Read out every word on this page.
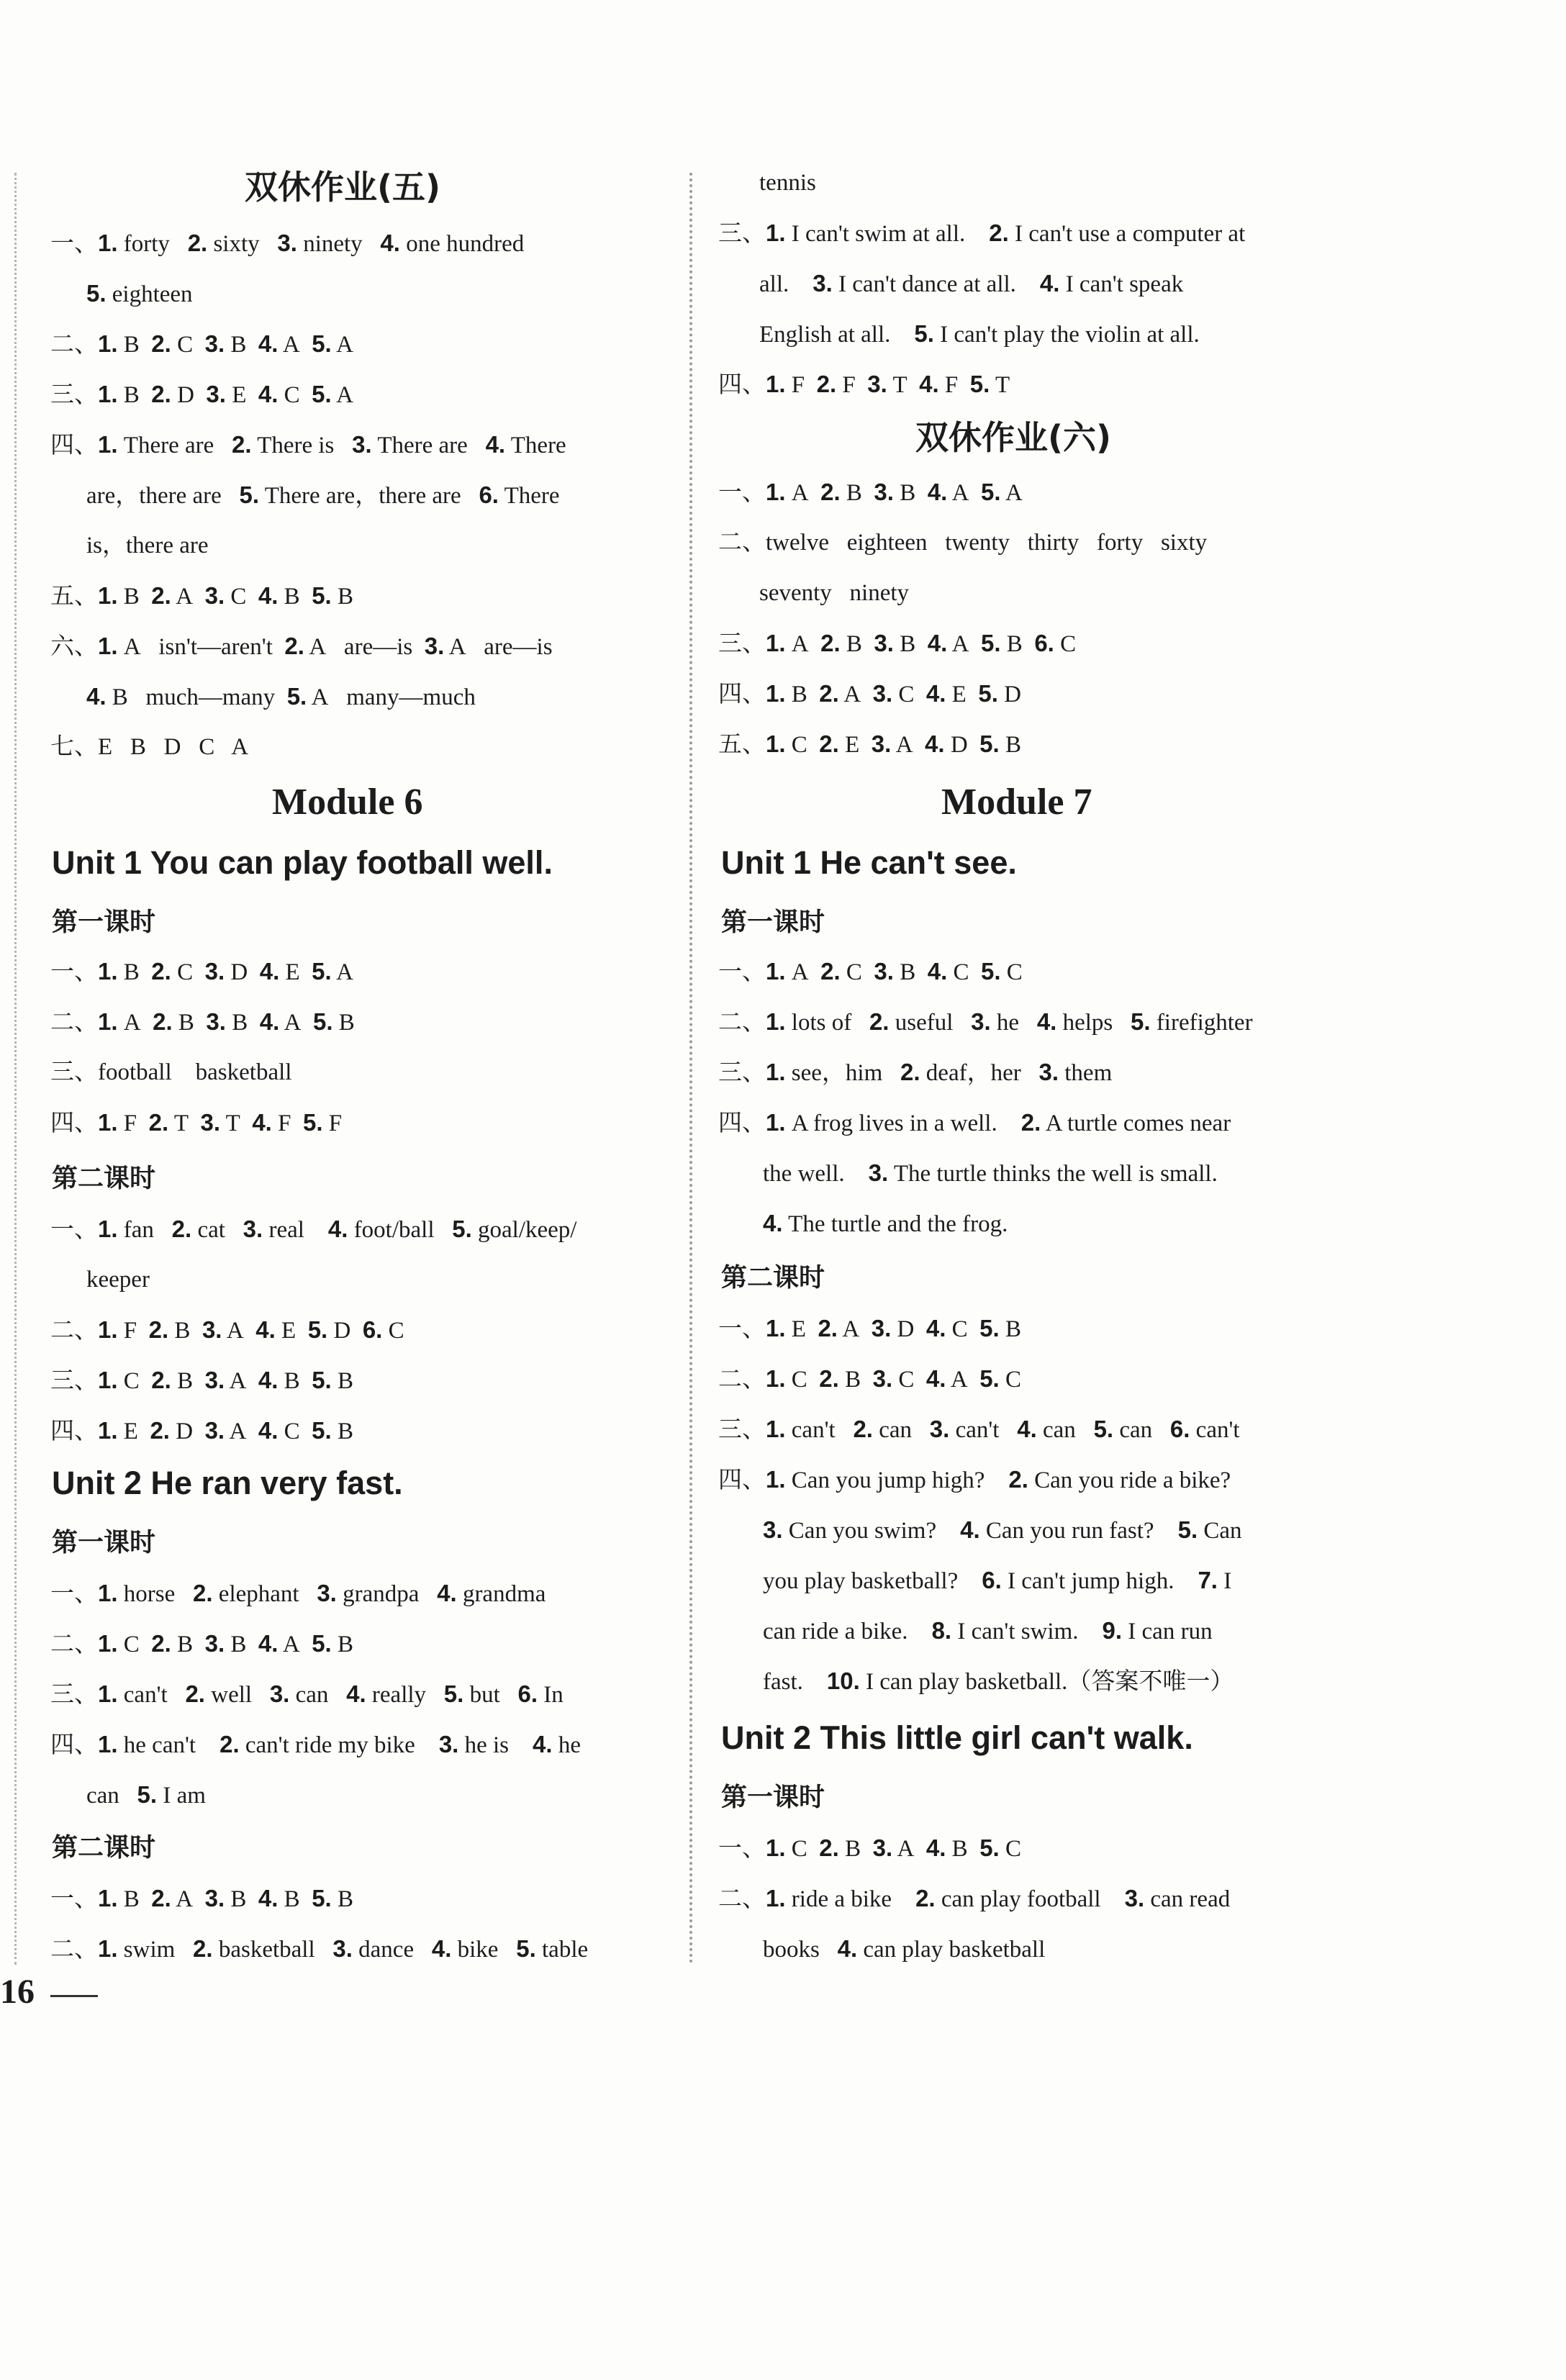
双休作业(五)
一、1. forty   2. sixty   3. ninety   4. one hundred
5. eighteen
二、1. B  2. C  3. B  4. A  5. A
三、1. B  2. D  3. E  4. C  5. A
四、1. There are   2. There is   3. There are   4. There
are，there are   5. There are，there are   6. There
is，there are
五、1. B  2. A  3. C  4. B  5. B
六、1. A   isn't—aren't  2. A   are—is  3. A   are—is
4. B   much—many  5. A   many—much
七、E   B   D   C   A
Module 6
Unit 1 You can play football well.
第一课时
一、1. B  2. C  3. D  4. E  5. A
二、1. A  2. B  3. B  4. A  5. B
三、football    basketball
四、1. F  2. T  3. T  4. F  5. F
第二课时
一、1. fan   2. cat   3. real    4. foot/ball   5. goal/keep/
keeper
二、1. F  2. B  3. A  4. E  5. D  6. C
三、1. C  2. B  3. A  4. B  5. B
四、1. E  2. D  3. A  4. C  5. B
Unit 2 He ran very fast.
第一课时
一、1. horse   2. elephant   3. grandpa   4. grandma
二、1. C  2. B  3. B  4. A  5. B
三、1. can't   2. well   3. can   4. really   5. but   6. In
四、1. he can't    2. can't ride my bike    3. he is    4. he
can   5. I am
第二课时
一、1. B  2. A  3. B  4. B  5. B
二、1. swim   2. basketball   3. dance   4. bike   5. table
tennis
三、1. I can't swim at all.    2. I can't use a computer at
all.    3. I can't dance at all.    4. I can't speak
English at all.    5. I can't play the violin at all.
四、1. F  2. F  3. T  4. F  5. T
双休作业(六)
一、1. A  2. B  3. B  4. A  5. A
二、twelve   eighteen   twenty   thirty   forty   sixty
seventy   ninety
三、1. A  2. B  3. B  4. A  5. B  6. C
四、1. B  2. A  3. C  4. E  5. D
五、1. C  2. E  3. A  4. D  5. B
Module 7
Unit 1 He can't see.
第一课时
一、1. A  2. C  3. B  4. C  5. C
二、1. lots of   2. useful   3. he   4. helps   5. firefighter
三、1. see，him   2. deaf，her   3. them
四、1. A frog lives in a well.    2. A turtle comes near
the well.    3. The turtle thinks the well is small.
4. The turtle and the frog.
第二课时
一、1. E  2. A  3. D  4. C  5. B
二、1. C  2. B  3. C  4. A  5. C
三、1. can't   2. can   3. can't   4. can   5. can   6. can't
四、1. Can you jump high?    2. Can you ride a bike?
3. Can you swim?    4. Can you run fast?    5. Can
you play basketball?    6. I can't jump high.    7. I
can ride a bike.    8. I can't swim.    9. I can run
fast.    10. I can play basketball.（答案不唯一）
Unit 2 This little girl can't walk.
第一课时
一、1. C  2. B  3. A  4. B  5. C
二、1. ride a bike    2. can play football    3. can read
books   4. can play basketball
16
